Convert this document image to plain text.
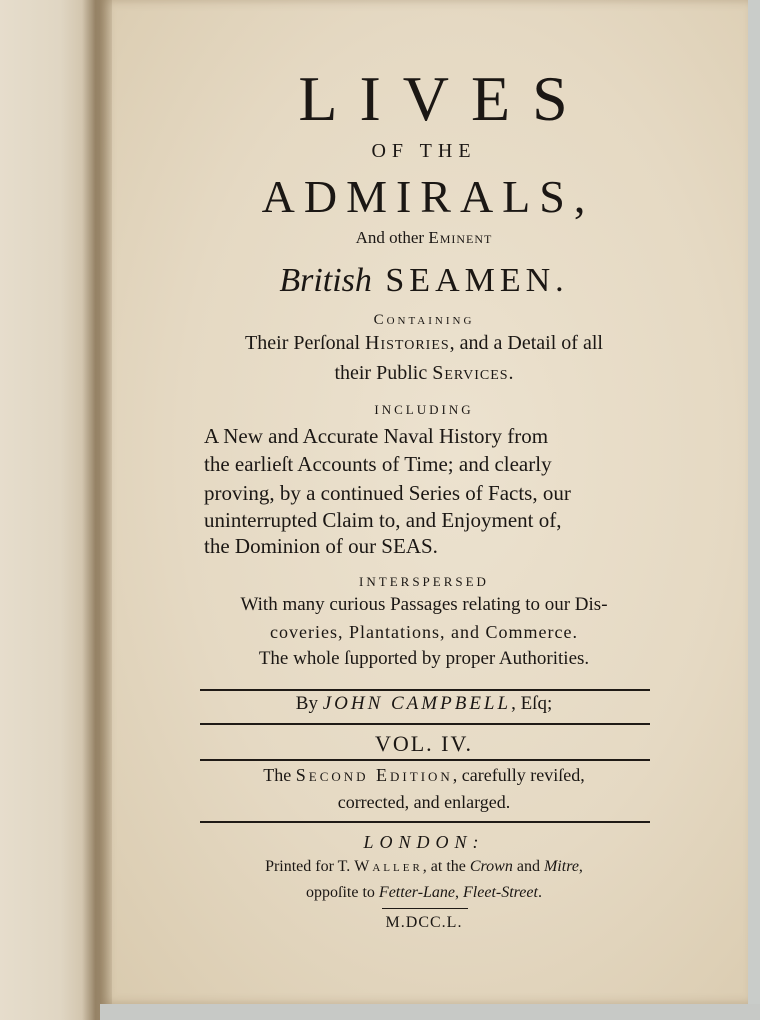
LIVES
OF THE
ADMIRALS,
And other Eminent
British SEAMEN.
Containing
Their Perſonal Histories, and a Detail of all
their Public Services.
INCLUDING
A New and Accurate Naval History from
the earlieſt Accounts of Time; and clearly
proving, by a continued Series of Facts, our
uninterrupted Claim to, and Enjoyment of,
the Dominion of our SEAS.
INTERSPERSED
With many curious Passages relating to our Dis-
coveries, Plantations, and Commerce.
The whole ſupported by proper Authorities.
By JOHN CAMPBELL, Eſq;
VOL. IV.
The Second Edition, carefully reviſed,
corrected, and enlarged.
LONDON:
Printed for T. Waller, at the Crown and Mitre,
oppoſite to Fetter-Lane, Fleet-Street.
M.DCC.L.
